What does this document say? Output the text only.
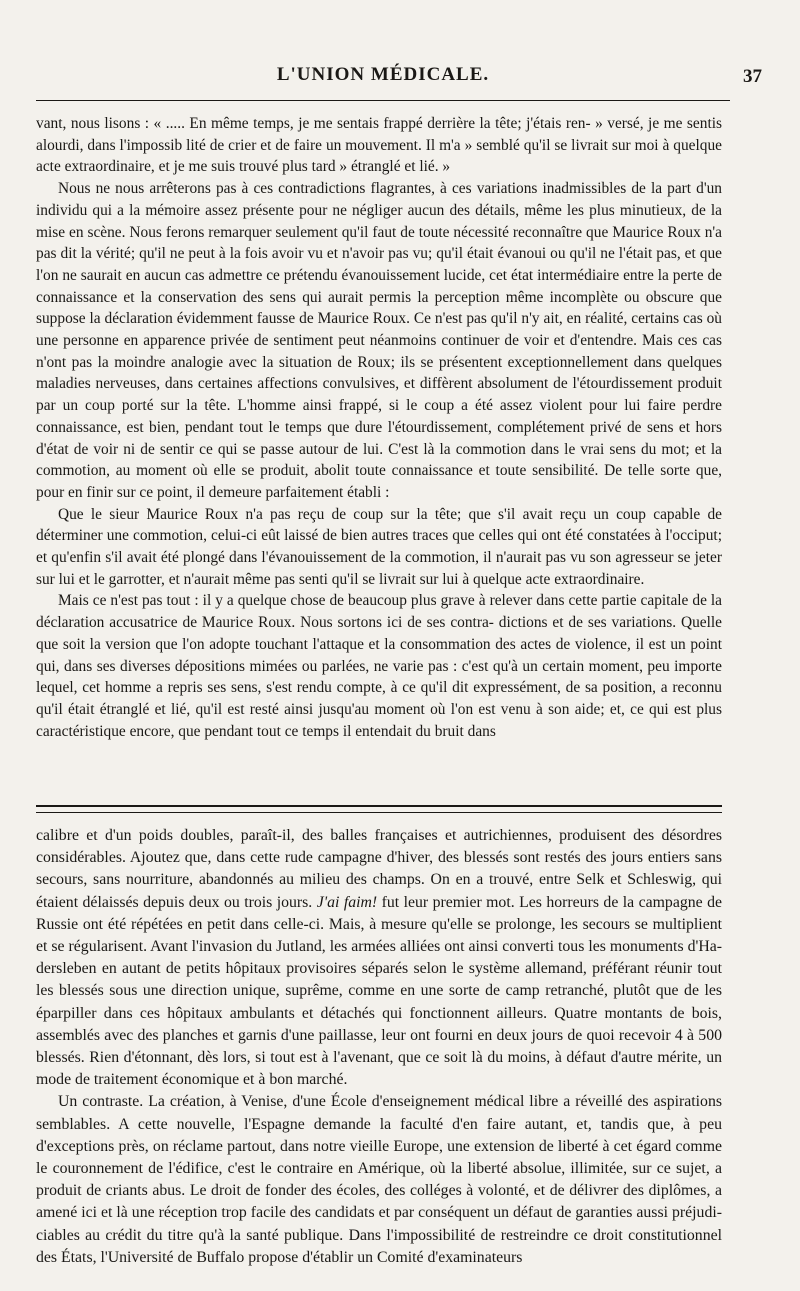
L'UNION MÉDICALE.	37

vant, nous lisons : « ..... En même temps, je me sentais frappé derrière la tête; j'étais ren- » versé, je me sentis alourdi, dans l'impossib lité de crier et de faire un mouvement. Il m'a » semblé qu'il se livrait sur moi à quelque acte extraordinaire, et je me suis trouvé plus tard » étranglé et lié. »

Nous ne nous arrêterons pas à ces contradictions flagrantes, à ces variations inadmissibles de la part d'un individu qui a la mémoire assez présente pour ne négliger aucun des détails, même les plus minutieux, de la mise en scène. Nous ferons remarquer seulement qu'il faut de toute nécessité reconnaître que Maurice Roux n'a pas dit la vérité; qu'il ne peut à la fois avoir vu et n'avoir pas vu; qu'il était évanoui ou qu'il ne l'était pas, et que l'on ne saurait en aucun cas admettre ce prétendu évanouissement lucide, cet état intermédiaire entre la perte de connaissance et la conservation des sens qui aurait permis la perception même incomplète ou obscure que suppose la déclaration évidemment fausse de Maurice Roux. Ce n'est pas qu'il n'y ait, en réalité, certains cas où une personne en apparence privée de sentiment peut néanmoins continuer de voir et d'entendre. Mais ces cas n'ont pas la moindre analogie avec la situation de Roux; ils se présentent exceptionnellement dans quelques maladies nerveuses, dans certaines affections convulsives, et diffèrent absolument de l'étourdissement produit par un coup porté sur la tête. L'homme ainsi frappé, si le coup a été assez violent pour lui faire perdre connaissance, est bien, pendant tout le temps que dure l'étourdissement, complétement privé de sens et hors d'état de voir ni de sentir ce qui se passe autour de lui. C'est là la commotion dans le vrai sens du mot; et la commotion, au moment où elle se produit, abolit toute connaissance et toute sensibilité. De telle sorte que, pour en finir sur ce point, il demeure parfaitement établi :

Que le sieur Maurice Roux n'a pas reçu de coup sur la tête; que s'il avait reçu un coup capable de déterminer une commotion, celui-ci eût laissé de bien autres traces que celles qui ont été constatées à l'occiput; et qu'enfin s'il avait été plongé dans l'évanouissement de la commotion, il n'aurait pas vu son agresseur se jeter sur lui et le garrotter, et n'aurait même pas senti qu'il se livrait sur lui à quelque acte extraordinaire.

Mais ce n'est pas tout : il y a quelque chose de beaucoup plus grave à relever dans cette partie capitale de la déclaration accusatrice de Maurice Roux. Nous sortons ici de ses contra- dictions et de ses variations. Quelle que soit la version que l'on adopte touchant l'attaque et la consommation des actes de violence, il est un point qui, dans ses diverses dépositions mimées ou parlées, ne varie pas : c'est qu'à un certain moment, peu importe lequel, cet homme a repris ses sens, s'est rendu compte, à ce qu'il dit expressément, de sa position, a reconnu qu'il était étranglé et lié, qu'il est resté ainsi jusqu'au moment où l'on est venu à son aide; et, ce qui est plus caractéristique encore, que pendant tout ce temps il entendait du bruit dans

calibre et d'un poids doubles, paraît-il, des balles françaises et autrichiennes, produisent des désordres considérables. Ajoutez que, dans cette rude campagne d'hiver, des blessés sont restés des jours entiers sans secours, sans nourriture, abandonnés au milieu des champs. On en a trouvé, entre Selk et Schleswig, qui étaient délaissés depuis deux ou trois jours. J'ai faim! fut leur premier mot. Les horreurs de la campagne de Russie ont été répétées en petit dans celle-ci. Mais, à mesure qu'elle se prolonge, les secours se multiplient et se régularisent. Avant l'invasion du Jutland, les armées alliées ont ainsi converti tous les monuments d'Ha- dersleben en autant de petits hôpitaux provisoires séparés selon le système allemand, préférant réunir tout les blessés sous une direction unique, suprême, comme en une sorte de camp retranché, plutôt que de les éparpiller dans ces hôpitaux ambulants et détachés qui fonctionnent ailleurs. Quatre montants de bois, assemblés avec des planches et garnis d'une paillasse, leur ont fourni en deux jours de quoi recevoir 4 à 500 blessés. Rien d'étonnant, dès lors, si tout est à l'avenant, que ce soit là du moins, à défaut d'autre mérite, un mode de traitement économique et à bon marché.

Un contraste. La création, à Venise, d'une École d'enseignement médical libre a réveillé des aspirations semblables. A cette nouvelle, l'Espagne demande la faculté d'en faire autant, et, tandis que, à peu d'exceptions près, on réclame partout, dans notre vieille Europe, une extension de liberté à cet égard comme le couronnement de l'édifice, c'est le contraire en Amérique, où la liberté absolue, illimitée, sur ce sujet, a produit de criants abus. Le droit de fonder des écoles, des colléges à volonté, et de délivrer des diplômes, a amené ici et là une réception trop facile des candidats et par conséquent un défaut de garanties aussi préjudi- ciables au crédit du titre qu'à la santé publique. Dans l'impossibilité de restreindre ce droit constitutionnel des États, l'Université de Buffalo propose d'établir un Comité d'examinateurs
